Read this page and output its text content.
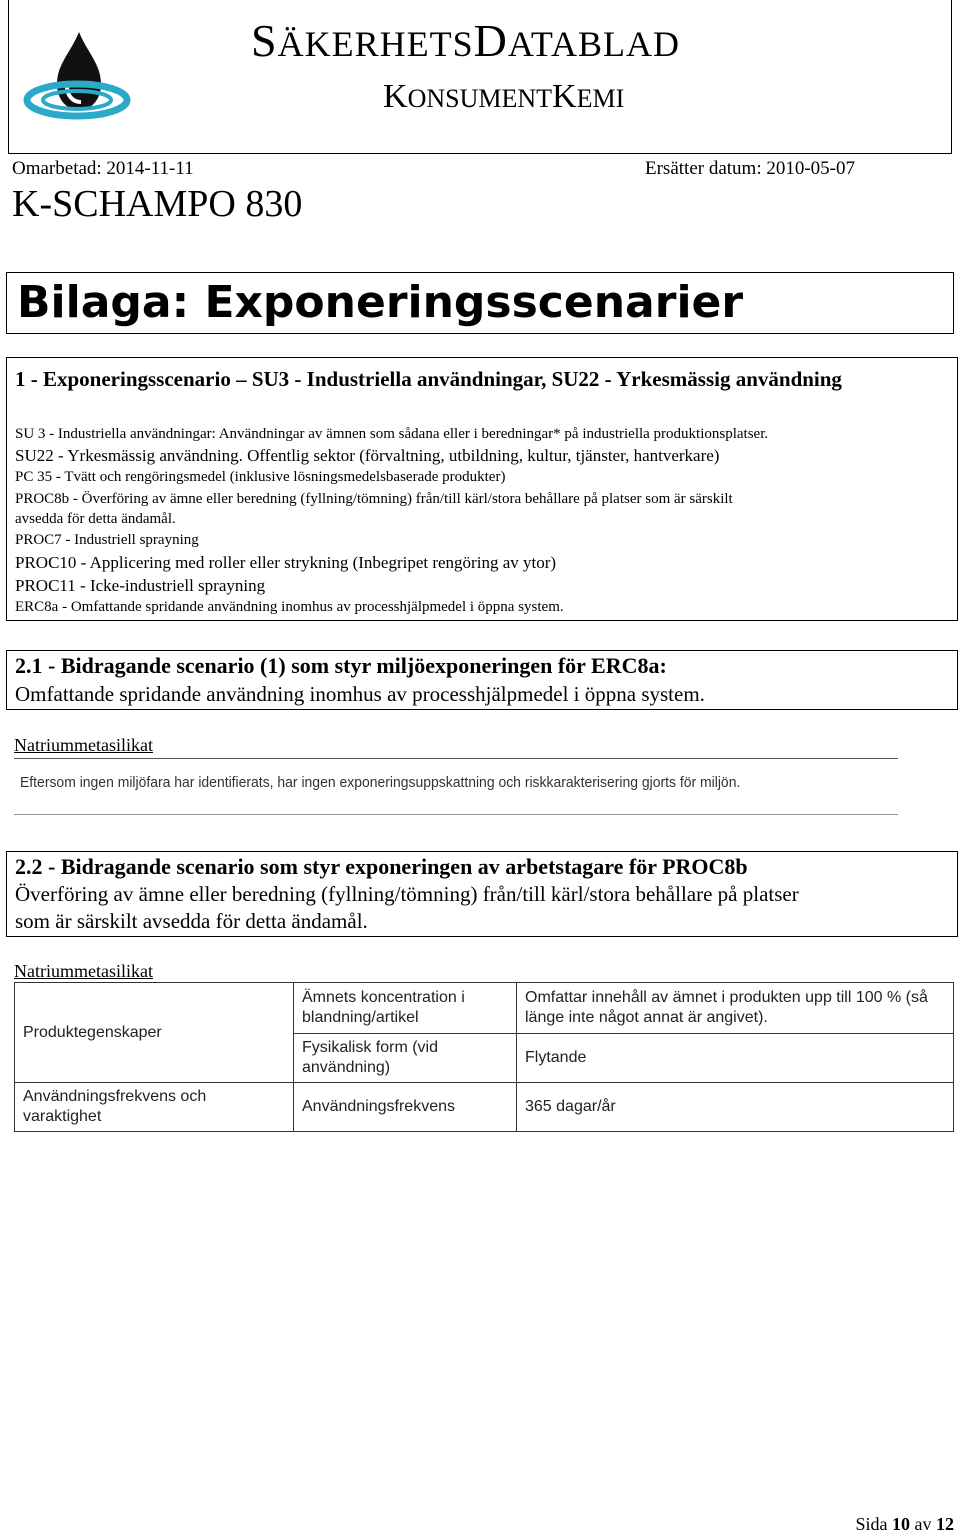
SÄKERHETSDATABLAD
KONSUMENTKEMI
Omarbetad: 2014-11-11	Ersätter datum: 2010-05-07
K-SCHAMPO 830
Bilaga: Exponeringsscenarier

1 - Exponeringsscenario – SU3 - Industriella användningar, SU22 - Yrkesmässig användning

SU 3 - Industriella användningar: Användningar av ämnen som sådana eller i beredningar* på industriella produktionsplatser.
SU22 - Yrkesmässig användning. Offentlig sektor (förvaltning, utbildning, kultur, tjänster, hantverkare)
PC 35 - Tvätt och rengöringsmedel (inklusive lösningsmedelsbaserade produkter)
PROC8b - Överföring av ämne eller beredning (fyllning/tömning) från/till kärl/stora behållare på platser som är särskilt
avsedda för detta ändamål.
PROC7 - Industriell sprayning
PROC10 - Applicering med roller eller strykning (Inbegripet rengöring av ytor)
PROC11 - Icke-industriell sprayning
ERC8a - Omfattande spridande användning inomhus av processhjälpmedel i öppna system.

2.1 - Bidragande scenario (1) som styr miljöexponeringen för ERC8a:

Omfattande spridande användning inomhus av processhjälpmedel i öppna system.

Natriummetasilikat
Eftersom ingen miljöfara har identifierats, har ingen exponeringsuppskattning och riskkarakterisering gjorts för miljön.

2.2 - Bidragande scenario som styr exponeringen av arbetstagare för PROC8b

Överföring av ämne eller beredning (fyllning/tömning) från/till kärl/stora behållare på platser

som är särskilt avsedda för detta ändamål.

Natriummetasilikat
Produktegenskaper	Ämnets koncentration i blandning/artikel	Omfattar innehåll av ämnet i produkten upp till 100 % (så länge inte något annat är angivet).
	Fysikalisk form (vid användning)	Flytande
Användningsfrekvens och varaktighet	Användningsfrekvens	365 dagar/år
Sida 10 av 12
